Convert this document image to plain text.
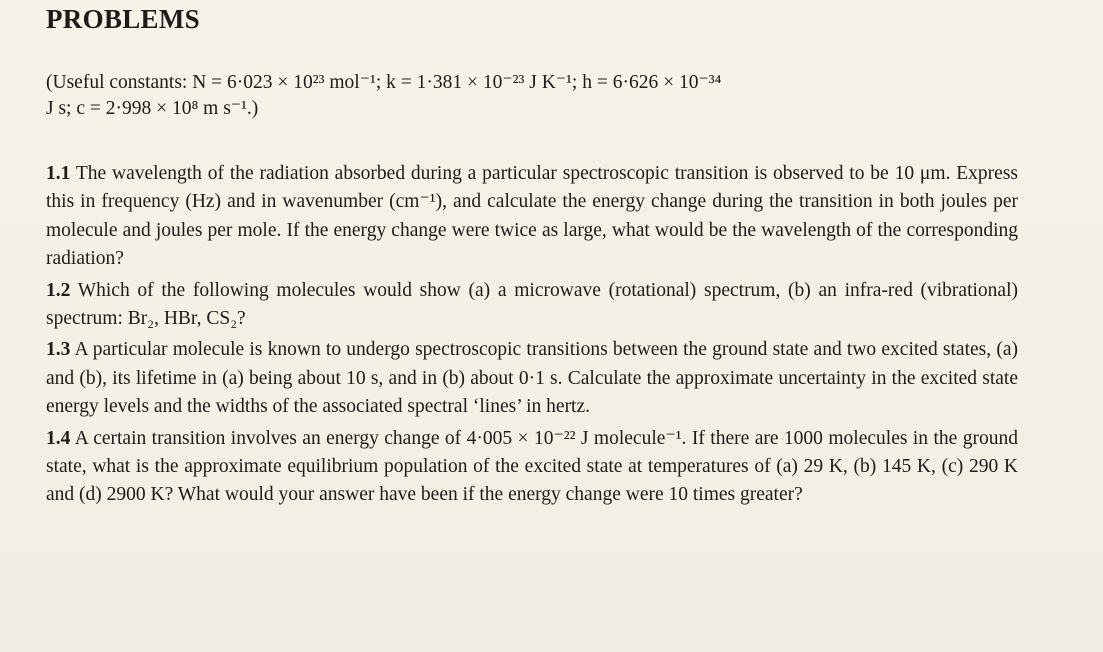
PROBLEMS
(Useful constants: N = 6·023 × 10²³ mol⁻¹; k = 1·381 × 10⁻²³ J K⁻¹; h = 6·626 × 10⁻³⁴
J s; c = 2·998 × 10⁸ m s⁻¹.)

1.1 The wavelength of the radiation absorbed during a particular spectroscopic transition is observed to be 10 μm. Express this in frequency (Hz) and in wavenumber (cm⁻¹), and calculate the energy change during the transition in both joules per molecule and joules per mole. If the energy change were twice as large, what would be the wavelength of the corresponding radiation?

1.2 Which of the following molecules would show (a) a microwave (rotational) spectrum, (b) an infra-red (vibrational) spectrum: Br₂, HBr, CS₂?

1.3 A particular molecule is known to undergo spectroscopic transitions between the ground state and two excited states, (a) and (b), its lifetime in (a) being about 10 s, and in (b) about 0·1 s. Calculate the approximate uncertainty in the excited state energy levels and the widths of the associated spectral ‘lines’ in hertz.

1.4 A certain transition involves an energy change of 4·005 × 10⁻²² J molecule⁻¹. If there are 1000 molecules in the ground state, what is the approximate equilibrium population of the excited state at temperatures of (a) 29 K, (b) 145 K, (c) 290 K and (d) 2900 K? What would your answer have been if the energy change were 10 times greater?
